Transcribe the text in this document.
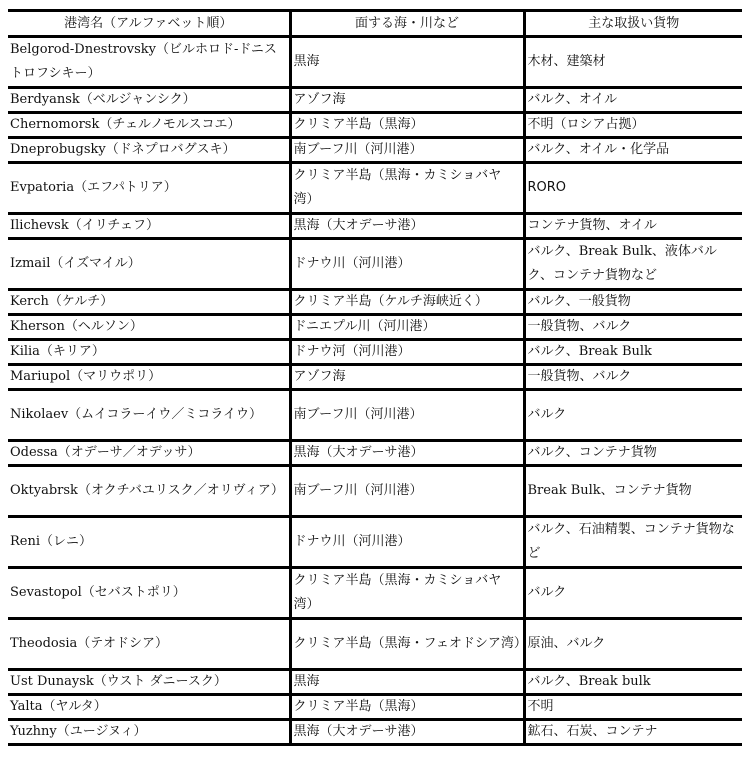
港湾名（アルファベット順）	面する海・川など	主な取扱い貨物
Belgorod-Dnestrovsky（ビルホロド-ドニストロフシキー）	黒海	木材、建築材
Berdyansk（ベルジャンシク）	アゾフ海	バルク、オイル
Chernomorsk（チェルノモルスコエ）	クリミア半島（黒海）	不明（ロシア占拠）
Dneprobugsky（ドネプロバグスキ）	南ブーフ川（河川港）	バルク、オイル・化学品
Evpatoria（エフパトリア）	クリミア半島（黒海・カミショバヤ湾）	RORO
Ilichevsk（イリチェフ）	黒海（大オデーサ港）	コンテナ貨物、オイル
Izmail（イズマイル）	ドナウ川（河川港）	バルク、Break Bulk、液体バルク、コンテナ貨物など
Kerch（ケルチ）	クリミア半島（ケルチ海峡近く）	バルク、一般貨物
Kherson（ヘルソン）	ドニエプル川（河川港）	一般貨物、バルク
Kilia（キリア）	ドナウ河（河川港）	バルク、Break Bulk
Mariupol（マリウポリ）	アゾフ海	一般貨物、バルク
Nikolaev（ムイコラーイウ／ミコライウ）	南ブーフ川（河川港）	バルク
Odessa（オデーサ／オデッサ）	黒海（大オデーサ港）	バルク、コンテナ貨物
Oktyabrsk（オクチバユリスク／オリヴィア）	南ブーフ川（河川港）	Break Bulk、コンテナ貨物
Reni（レニ）	ドナウ川（河川港）	バルク、石油精製、コンテナ貨物など
Sevastopol（セバストポリ）	クリミア半島（黒海・カミショバヤ湾）	バルク
Theodosia（テオドシア）	クリミア半島（黒海・フェオドシア湾）	原油、バルク
Ust Dunaysk（ウスト ダニースク）	黒海	バルク、Break bulk
Yalta（ヤルタ）	クリミア半島（黒海）	不明
Yuzhny（ユージヌィ）	黒海（大オデーサ港）	鉱石、石炭、コンテナ
